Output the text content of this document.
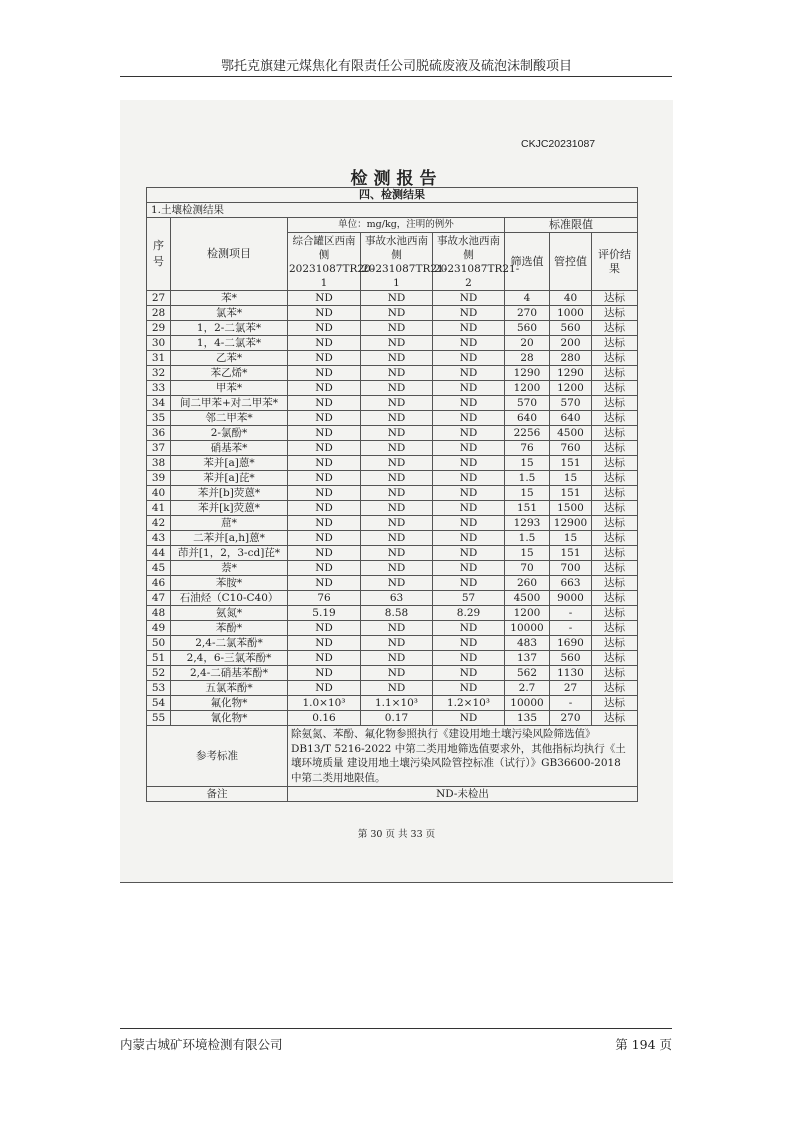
鄂托克旗建元煤焦化有限责任公司脱硫废液及硫泡沫制酸项目
CKJC20231087
检测报告
四、检测结果							
1.土壤检测结果							
序号	检测项目	单位：mg/kg，注明的例外			标准限值		
		综合罐区西南侧20231087TR20-1	事故水池西南侧20231087TR21-1	事故水池西南侧20231087TR21-2	筛选值	管控值	评价结果
27	苯*	ND	ND	ND	4	40	达标
28	氯苯*	ND	ND	ND	270	1000	达标
29	1，2-二氯苯*	ND	ND	ND	560	560	达标
30	1，4-二氯苯*	ND	ND	ND	20	200	达标
31	乙苯*	ND	ND	ND	28	280	达标
32	苯乙烯*	ND	ND	ND	1290	1290	达标
33	甲苯*	ND	ND	ND	1200	1200	达标
34	间二甲苯+对二甲苯*	ND	ND	ND	570	570	达标
35	邻二甲苯*	ND	ND	ND	640	640	达标
36	2-氯酚*	ND	ND	ND	2256	4500	达标
37	硝基苯*	ND	ND	ND	76	760	达标
38	苯并[a]蒽*	ND	ND	ND	15	151	达标
39	苯并[a]芘*	ND	ND	ND	1.5	15	达标
40	苯并[b]荧蒽*	ND	ND	ND	15	151	达标
41	苯并[k]荧蒽*	ND	ND	ND	151	1500	达标
42	䓛*	ND	ND	ND	1293	12900	达标
43	二苯并[a,h]蒽*	ND	ND	ND	1.5	15	达标
44	茚并[1，2，3-cd]芘*	ND	ND	ND	15	151	达标
45	萘*	ND	ND	ND	70	700	达标
46	苯胺*	ND	ND	ND	260	663	达标
47	石油烃（C10-C40）	76	63	57	4500	9000	达标
48	氨氮*	5.19	8.58	8.29	1200	-	达标
49	苯酚*	ND	ND	ND	10000	-	达标
50	2,4-二氯苯酚*	ND	ND	ND	483	1690	达标
51	2,4，6-三氯苯酚*	ND	ND	ND	137	560	达标
52	2,4-二硝基苯酚*	ND	ND	ND	562	1130	达标
53	五氯苯酚*	ND	ND	ND	2.7	27	达标
54	氟化物*	1.0×10³	1.1×10³	1.2×10³	10000	-	达标
55	氰化物*	0.16	0.17	ND	135	270	达标
参考标准		除氨氮、苯酚、氟化物参照执行《建设用地土壤污染风险筛选值》DB13/T 5216-2022 中第二类用地筛选值要求外，其他指标均执行《土壤环境质量 建设用地土壤污染风险管控标准（试行）》GB36600-2018 中第二类用地限值。					
备注		ND-未检出					
第 30 页 共 33 页
内蒙古城矿环境检测有限公司	第 194 页
